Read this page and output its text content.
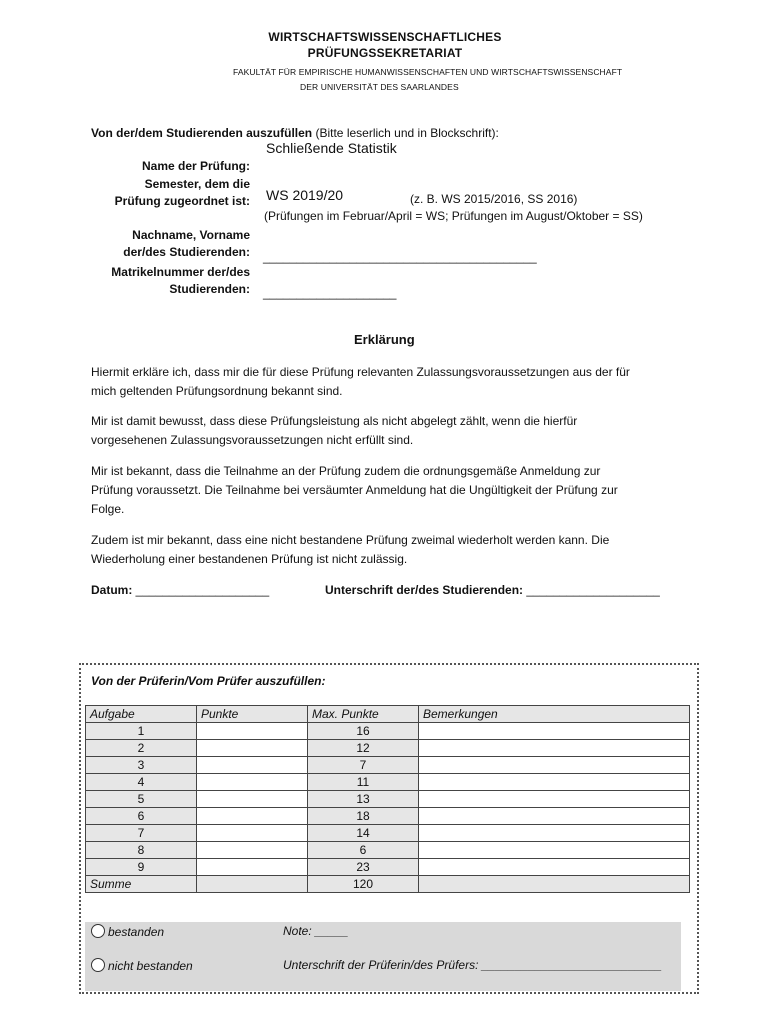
WIRTSCHAFTSWISSENSCHAFTLICHES
PRÜFUNGSSEKRETARIAT
FAKULTÄT FÜR EMPIRISCHE HUMANWISSENSCHAFTEN UND WIRTSCHAFTSWISSENSCHAFT
DER UNIVERSITÄT DES SAARLANDES
Von der/dem Studierenden auszufüllen (Bitte leserlich und in Blockschrift):
Schließende Statistik
Name der Prüfung:
Semester, dem die
Prüfung zugeordnet ist: WS 2019/20	(z. B. WS 2015/2016, SS 2016)
(Prüfungen im Februar/April = WS; Prüfungen im August/Oktober = SS)
Nachname, Vorname
der/des Studierenden: _________________________________________
Matrikelnummer der/des
Studierenden: ____________________
Erklärung
Hiermit erkläre ich, dass mir die für diese Prüfung relevanten Zulassungsvoraussetzungen aus der für
mich geltenden Prüfungsordnung bekannt sind.
Mir ist damit bewusst, dass diese Prüfungsleistung als nicht abgelegt zählt, wenn die hierfür
vorgesehenen Zulassungsvoraussetzungen nicht erfüllt sind.
Mir ist bekannt, dass die Teilnahme an der Prüfung zudem die ordnungsgemäße Anmeldung zur
Prüfung voraussetzt. Die Teilnahme bei versäumter Anmeldung hat die Ungültigkeit der Prüfung zur
Folge.
Zudem ist mir bekannt, dass eine nicht bestandene Prüfung zweimal wiederholt werden kann. Die
Wiederholung einer bestandenen Prüfung ist nicht zulässig.
Datum: ____________________	Unterschrift der/des Studierenden: ____________________
Von der Prüferin/Vom Prüfer auszufüllen:
Aufgabe	Punkte	Max. Punkte	Bemerkungen
1		16	
2		12	
3		7	
4		11	
5		13	
6		18	
7		14	
8		6	
9		23	
Summe		120	
bestanden	Note: _____
nicht bestanden	Unterschrift der Prüferin/des Prüfers: ___________________________
